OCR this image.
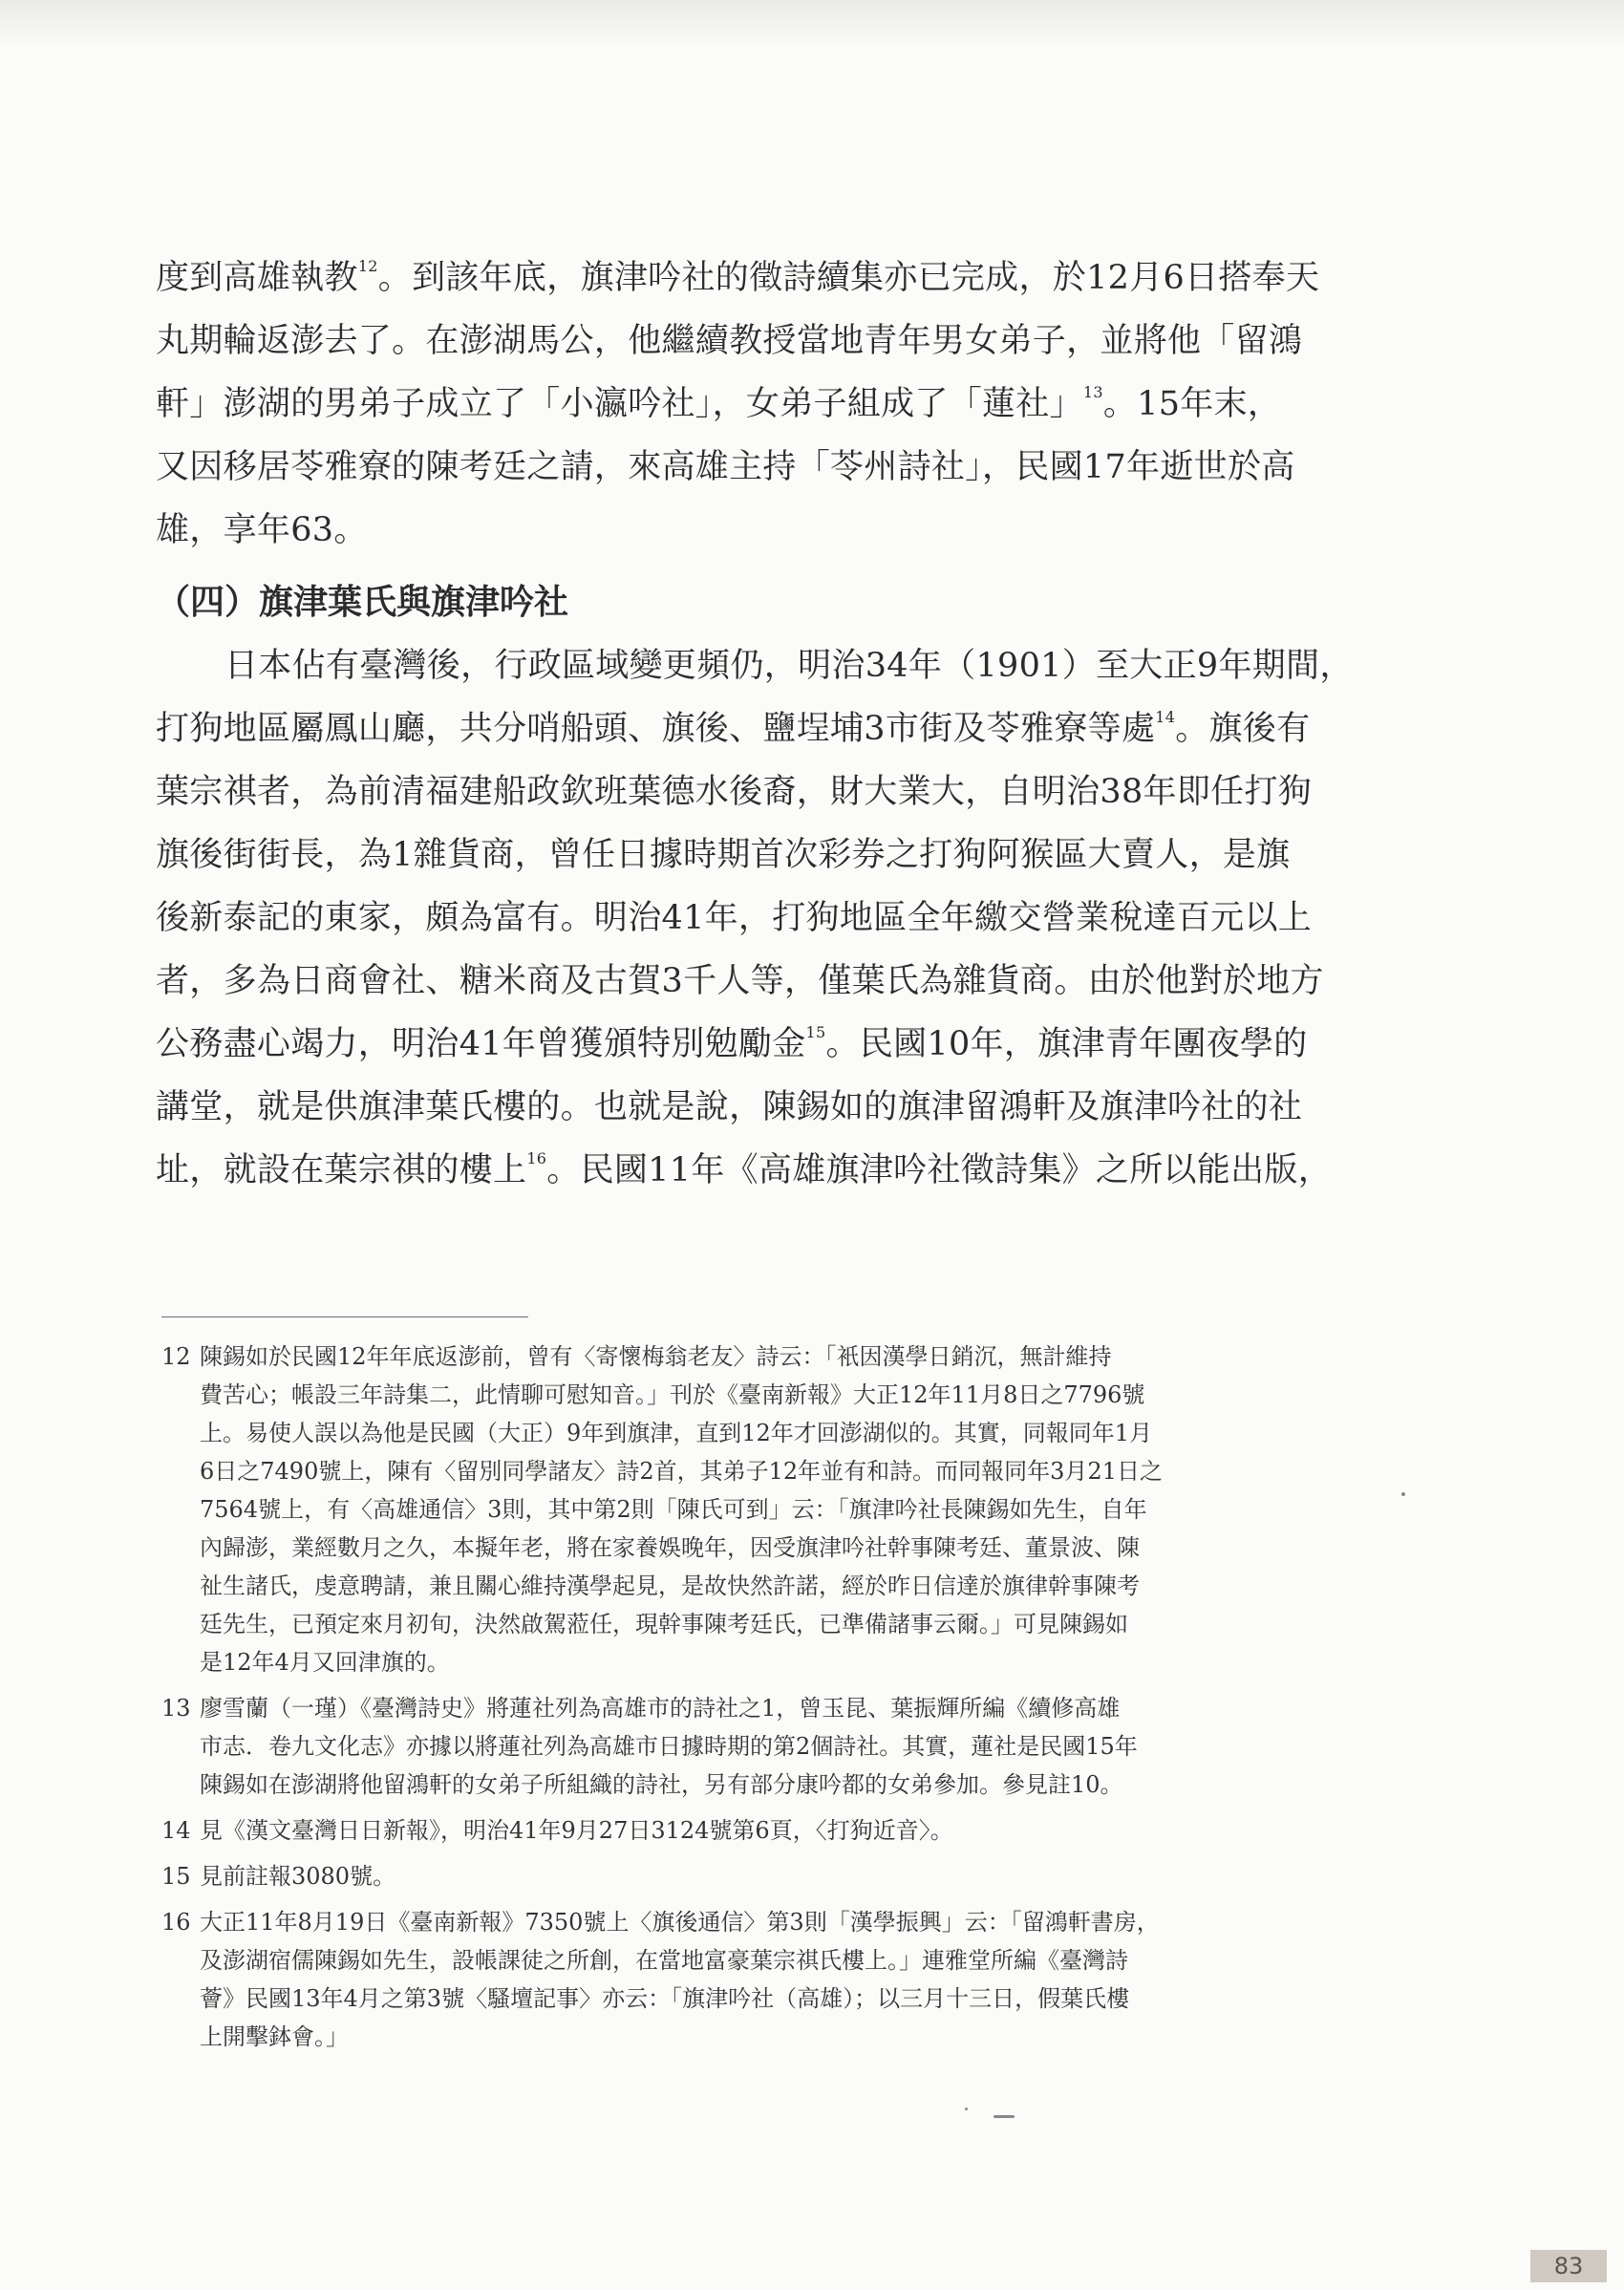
度到高雄執教$^{12}$。到該年底，旗津吟社的徵詩續集亦已完成，於12月6日搭奉天
丸期輪返澎去了。在澎湖馬公，他繼續教授當地青年男女弟子，並將他「留鴻
軒」澎湖的男弟子成立了「小瀛吟社」，女弟子組成了「蓮社」$^{13}$。15年末，
又因移居苓雅寮的陳考廷之請，來高雄主持「苓州詩社」，民國17年逝世於高
雄，享年63。

（四）旗津葉氏與旗津吟社

日本佔有臺灣後，行政區域變更頻仍，明治34年（1901）至大正9年期間，
打狗地區屬鳳山廳，共分哨船頭、旗後、鹽埕埔3市街及苓雅寮等處$^{14}$。旗後有
葉宗祺者，為前清福建船政欽班葉德水後裔，財大業大，自明治38年即任打狗
旗後街街長，為1雜貨商，曾任日據時期首次彩券之打狗阿猴區大賣人，是旗
後新泰記的東家，頗為富有。明治41年，打狗地區全年繳交營業稅達百元以上
者，多為日商會社、糖米商及古賀3千人等，僅葉氏為雜貨商。由於他對於地方
公務盡心竭力，明治41年曾獲頒特別勉勵金$^{15}$。民國10年，旗津青年團夜學的
講堂，就是供旗津葉氏樓的。也就是說，陳錫如的旗津留鴻軒及旗津吟社的社
址，就設在葉宗祺的樓上$^{16}$。民國11年《高雄旗津吟社徵詩集》之所以能出版，

12 陳錫如於民國12年年底返澎前，曾有〈寄懷梅翁老友〉詩云：「衹因漢學日銷沉，無計維持
費苦心；帳設三年詩集二，此情聊可慰知音。」刊於《臺南新報》大正12年11月8日之7796號
上。易使人誤以為他是民國（大正）9年到旗津，直到12年才回澎湖似的。其實，同報同年1月
6日之7490號上，陳有〈留別同學諸友〉詩2首，其弟子12年並有和詩。而同報同年3月21日之
7564號上，有〈高雄通信〉3則，其中第2則「陳氏可到」云：「旗津吟社長陳錫如先生，自年
內歸澎，業經數月之久，本擬年老，將在家養娛晚年，因受旗津吟社幹事陳考廷、董景波、陳
祉生諸氏，虔意聘請，兼且關心維持漢學起見，是故快然許諾，經於昨日信達於旗律幹事陳考
廷先生，已預定來月初旬，決然啟駕蒞任，現幹事陳考廷氏，已準備諸事云爾。」可見陳錫如
是12年4月又回津旗的。
13 廖雪蘭（一瑾）《臺灣詩史》將蓮社列為高雄市的詩社之1，曾玉昆、葉振輝所編《續修高雄
市志．卷九文化志》亦據以將蓮社列為高雄市日據時期的第2個詩社。其實，蓮社是民國15年
陳錫如在澎湖將他留鴻軒的女弟子所組織的詩社，另有部分康吟都的女弟參加。參見註10。
14 見《漢文臺灣日日新報》，明治41年9月27日3124號第6頁，〈打狗近音〉。
15 見前註報3080號。
16 大正11年8月19日《臺南新報》7350號上〈旗後通信〉第3則「漢學振興」云：「留鴻軒書房，
及澎湖宿儒陳錫如先生，設帳課徒之所創，在當地富豪葉宗祺氏樓上。」連雅堂所編《臺灣詩
薈》民國13年4月之第3號〈騷壇記事〉亦云：「旗津吟社（高雄）；以三月十三日，假葉氏樓
上開擊鉢會。」
83
